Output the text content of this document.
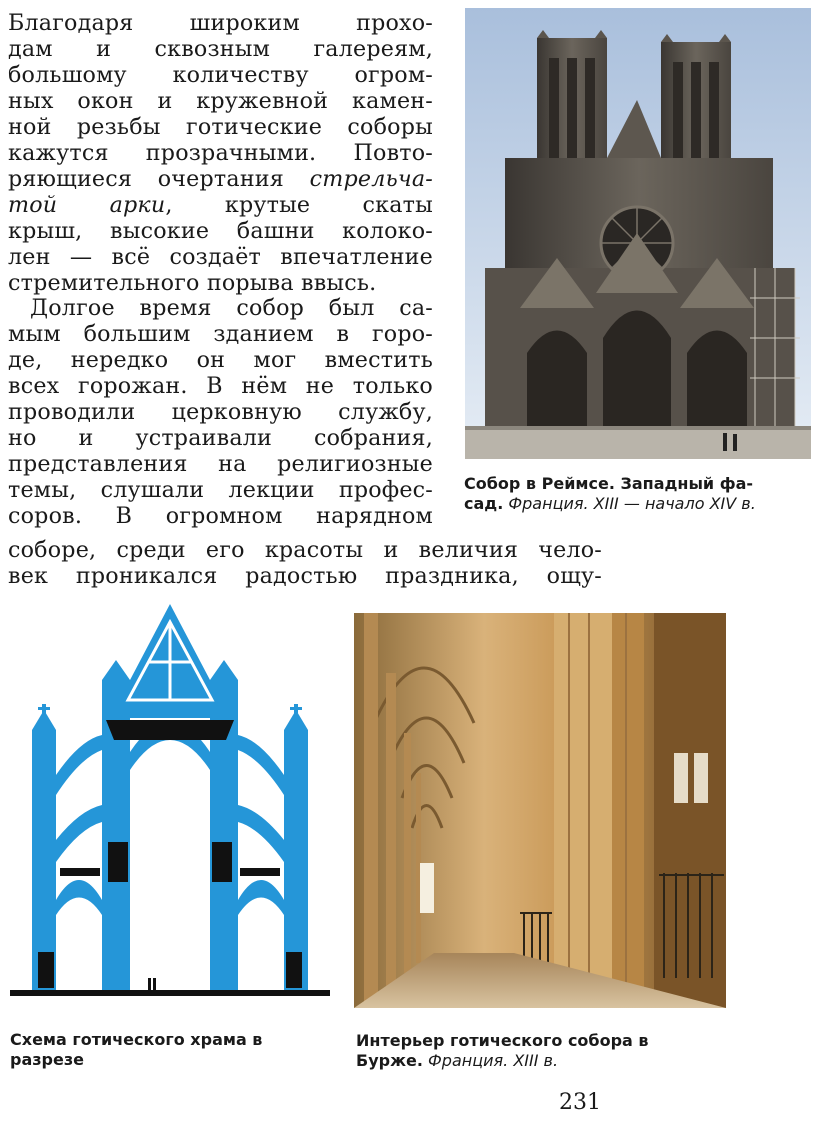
Благодаря широким прохо-
дам и сквозным галереям,
большому количеству огром-
ных окон и кружевной камен-
ной резьбы готические соборы
кажутся прозрачными. Повто-
ряющиеся очертания стрельча-
той арки, крутые скаты
крыш, высокие башни колоко-
лен — всё создаёт впечатление
стремительного порыва ввысь.

Долгое время собор был са-
мым большим зданием в горо-
де, нередко он мог вместить
всех горожан. В нём не только
проводили церковную службу,
но и устраивали собрания,
представления на религиозные
темы, слушали лекции профес-
соров. В огромном нарядном

соборе, среди его красоты и величия чело-
век проникался радостью праздника, ощу-

Собор в Реймсе. Западный фа-
сад. Франция. XIII — начало XIV в.

Схема готического храма в
разрезе

Интерьер готического собора в
Бурже. Франция. XIII в.

231
